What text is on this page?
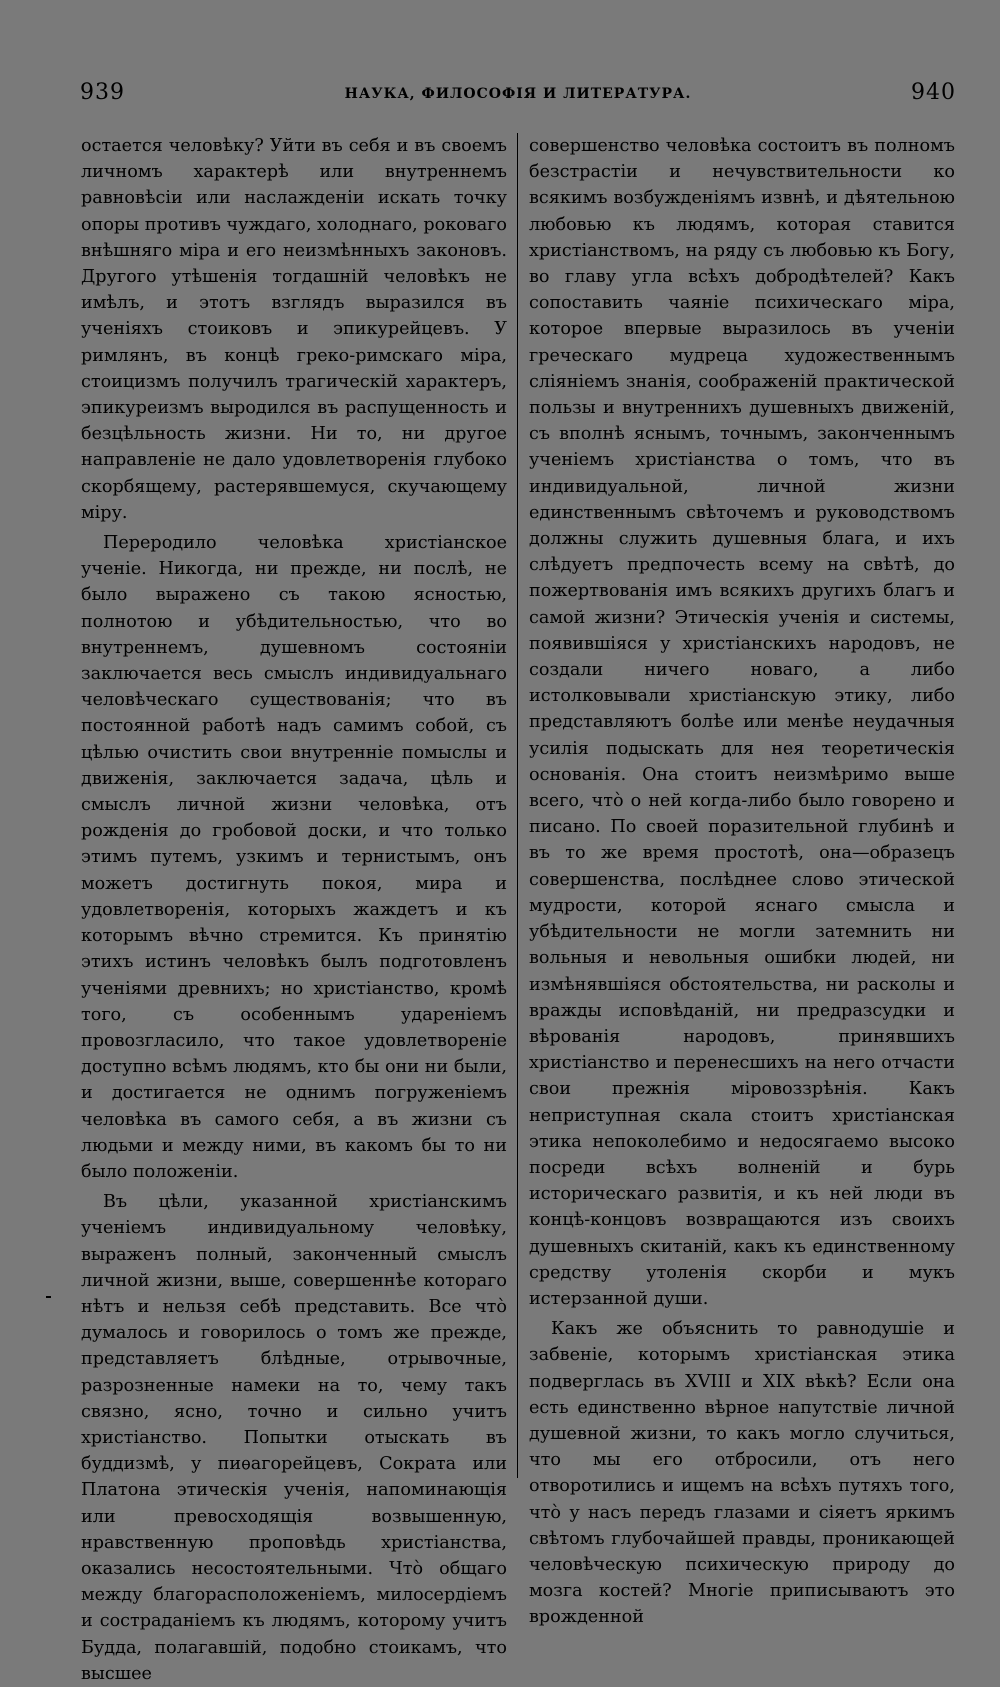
939	НАУКА, ФИЛОСОФІЯ И ЛИТЕРАТУРА.	940

остается человѣку? Уйти въ себя и въ своемъ личномъ характерѣ или внутреннемъ равновѣсіи или наслажденіи искать точку опоры противъ чуждаго, холоднаго, роковаго внѣшняго міра и его неизмѣнныхъ законовъ. Другого утѣшенія тогдашній человѣкъ не имѣлъ, и этотъ взглядъ выразился въ ученіяхъ стоиковъ и эпикурейцевъ. У римлянъ, въ концѣ греко-римскаго міра, стоицизмъ получилъ трагическій характеръ, эпикуреизмъ выродился въ распущенность и безцѣльность жизни. Ни то, ни другое направленіе не дало удовлетворенія глубоко скорбящему, растерявшемуся, скучающему міру.

Переродило человѣка христіанское ученіе. Никогда, ни прежде, ни послѣ, не было выражено съ такою ясностью, полнотою и убѣдительностью, что во внутреннемъ, душевномъ состояніи заключается весь смыслъ индивидуальнаго человѣческаго существованія; что въ постоянной работѣ надъ самимъ собой, съ цѣлью очистить свои внутренніе помыслы и движенія, заключается задача, цѣль и смыслъ личной жизни человѣка, отъ рожденія до гробовой доски, и что только этимъ путемъ, узкимъ и тернистымъ, онъ можетъ достигнуть покоя, мира и удовлетворенія, которыхъ жаждетъ и къ которымъ вѣчно стремится. Къ принятію этихъ истинъ человѣкъ былъ подготовленъ ученіями древнихъ; но христіанство, кромѣ того, съ особеннымъ удареніемъ провозгласило, что такое удовлетвореніе доступно всѣмъ людямъ, кто бы они ни были, и достигается не однимъ погруженіемъ человѣка въ самого себя, а въ жизни съ людьми и между ними, въ какомъ бы то ни было положеніи.

Въ цѣли, указанной христіанскимъ ученіемъ индивидуальному человѣку, выраженъ полный, законченный смыслъ личной жизни, выше, совершеннѣе котораго нѣтъ и нельзя себѣ представить. Все что̀ думалось и говорилось о томъ же прежде, представляетъ блѣдные, отрывочные, разрозненные намеки на то, чему такъ связно, ясно, точно и сильно учитъ христіанство. Попытки отыскать въ буддизмѣ, у пиѳагорейцевъ, Сократа или Платона этическія ученія, напоминающія или превосходящія возвышенную, нравственную проповѣдь христіанства, оказались несостоятельными. Что̀ общаго между благорасположеніемъ, милосердіемъ и состраданіемъ къ людямъ, которому учитъ Будда, полагавшій, подобно стоикамъ, что высшее

совершенство человѣка состоитъ въ полномъ безстрастіи и нечувствительности ко всякимъ возбужденіямъ извнѣ, и дѣятельною любовью къ людямъ, которая ставится христіанствомъ, на ряду съ любовью къ Богу, во главу угла всѣхъ добродѣтелей? Какъ сопоставить чаяніе психическаго міра, которое впервые выразилось въ ученіи греческаго мудреца художественнымъ сліяніемъ знанія, соображеній практической пользы и внутреннихъ душевныхъ движеній, съ вполнѣ яснымъ, точнымъ, законченнымъ ученіемъ христіанства о томъ, что въ индивидуальной, личной жизни единственнымъ свѣточемъ и руководствомъ должны служить душевныя блага, и ихъ слѣдуетъ предпочесть всему на свѣтѣ, до пожертвованія имъ всякихъ другихъ благъ и самой жизни? Этическія ученія и системы, появившіяся у христіанскихъ народовъ, не создали ничего новаго, а либо истолковывали христіанскую этику, либо представляютъ болѣе или менѣе неудачныя усилія подыскать для нея теоретическія основанія. Она стоитъ неизмѣримо выше всего, что̀ о ней когда-либо было говорено и писано. По своей поразительной глубинѣ и въ то же время простотѣ, она—образецъ совершенства, послѣднее слово этической мудрости, которой яснаго смысла и убѣдительности не могли затемнить ни вольныя и невольныя ошибки людей, ни измѣнявшіяся обстоятельства, ни расколы и вражды исповѣданій, ни предразсудки и вѣрованія народовъ, принявшихъ христіанство и перенесшихъ на него отчасти свои прежнія міровоззрѣнія. Какъ неприступная скала стоитъ христіанская этика непоколебимо и недосягаемо высоко посреди всѣхъ волненій и бурь историческаго развитія, и къ ней люди въ концѣ-концовъ возвращаются изъ своихъ душевныхъ скитаній, какъ къ единственному средству утоленія скорби и мукъ истерзанной души.

Какъ же объяснить то равнодушіе и забвеніе, которымъ христіанская этика подверглась въ XVIII и XIX вѣкѣ? Если она есть единственно вѣрное напутствіе личной душевной жизни, то какъ могло случиться, что мы его отбросили, отъ него отворотились и ищемъ на всѣхъ путяхъ того, что̀ у насъ передъ глазами и сіяетъ яркимъ свѣтомъ глубочайшей правды, проникающей человѣческую психическую природу до мозга костей? Многіе приписываютъ это врожденной
